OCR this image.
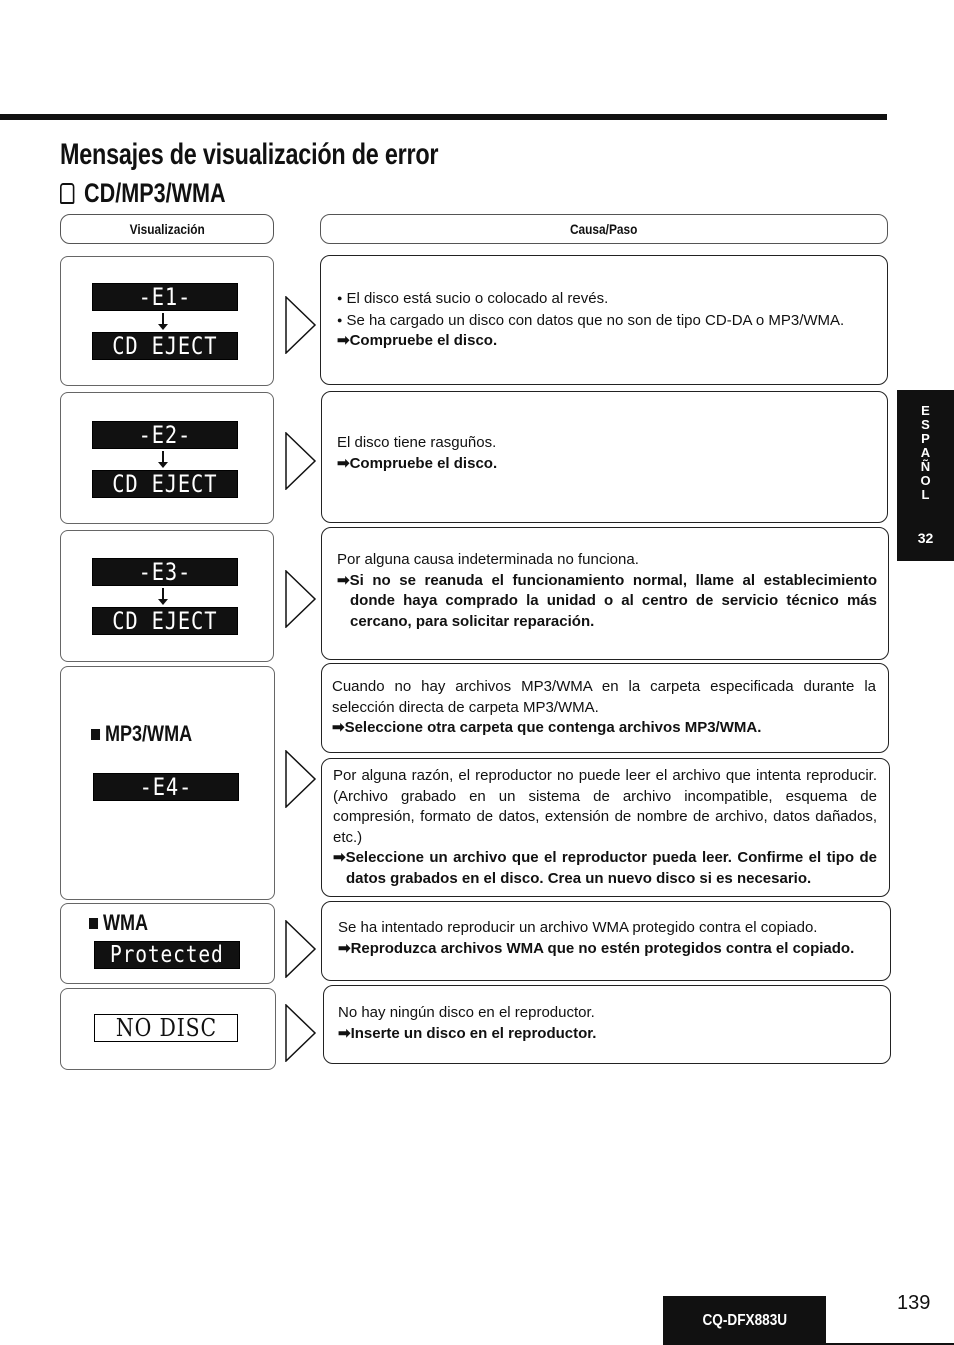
Mensajes de visualización de error
CD/MP3/WMA
Visualización	Causa/Paso
-E1-
CD EJECT

● El disco está sucio o colocado al revés.

● Se ha cargado un disco con datos que no son de tipo CD-DA o MP3/WMA.

➡Compruebe el disco.

-E2-
CD EJECT

El disco tiene rasguños.

➡Compruebe el disco.

-E3-
CD EJECT

Por alguna causa indeterminada no funciona.

➡Si no se reanuda el funcionamiento normal, llame al establecimiento donde haya comprado la unidad o al centro de servicio técnico más cercano, para solicitar reparación.

MP3/WMA
-E4-

Cuando no hay archivos MP3/WMA en la carpeta especificada durante la selección directa de carpeta MP3/WMA.

➡Seleccione otra carpeta que contenga archivos MP3/WMA.

Por alguna razón, el reproductor no puede leer el archivo que intenta reproducir. (Archivo grabado en un sistema de archivo incompatible, esquema de compresión, formato de datos, extensión de nombre de archivo, datos dañados, etc.)

➡Seleccione un archivo que el reproductor pueda leer. Confirme el tipo de datos grabados en el disco. Crea un nuevo disco si es necesario.

WMA
Protected

Se ha intentado reproducir un archivo WMA protegido contra el copiado.

➡Reproduzca archivos WMA que no estén protegidos contra el copiado.

NO DISC

No hay ningún disco en el reproductor.

➡Inserte un disco en el reproductor.

E
S
P
A
Ñ
O
L
32
CQ-DFX883U
139
